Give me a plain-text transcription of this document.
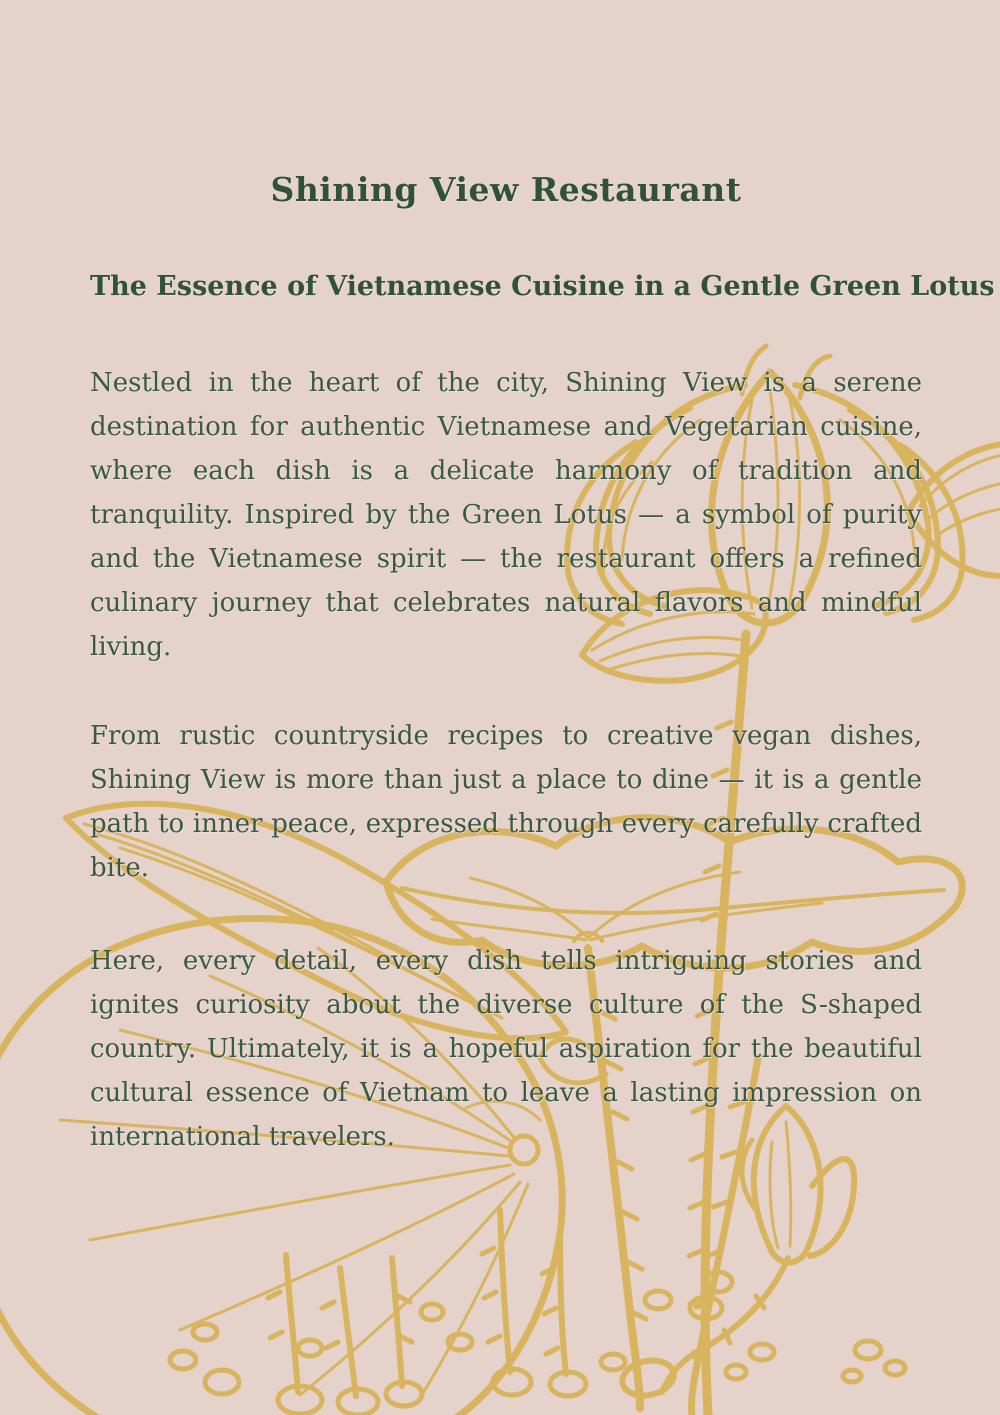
Shining View Restaurant
The Essence of Vietnamese Cuisine in a Gentle Green Lotus

Nestled in the heart of the city, Shining View is a serene destination for authentic Vietnamese and Vegetarian cuisine, where each dish is a delicate harmony of tradition and tranquility. Inspired by the Green Lotus — a symbol of purity and the Vietnamese spirit — the restaurant offers a refined culinary journey that celebrates natural flavors and mindful living.

From rustic countryside recipes to creative vegan dishes, Shining View is more than just a place to dine — it is a gentle path to inner peace, expressed through every carefully crafted bite.

Here, every detail, every dish tells intriguing stories and ignites curiosity about the diverse culture of the S-shaped country. Ultimately, it is a hopeful aspiration for the beautiful cultural essence of Vietnam to leave a lasting impression on international travelers.
